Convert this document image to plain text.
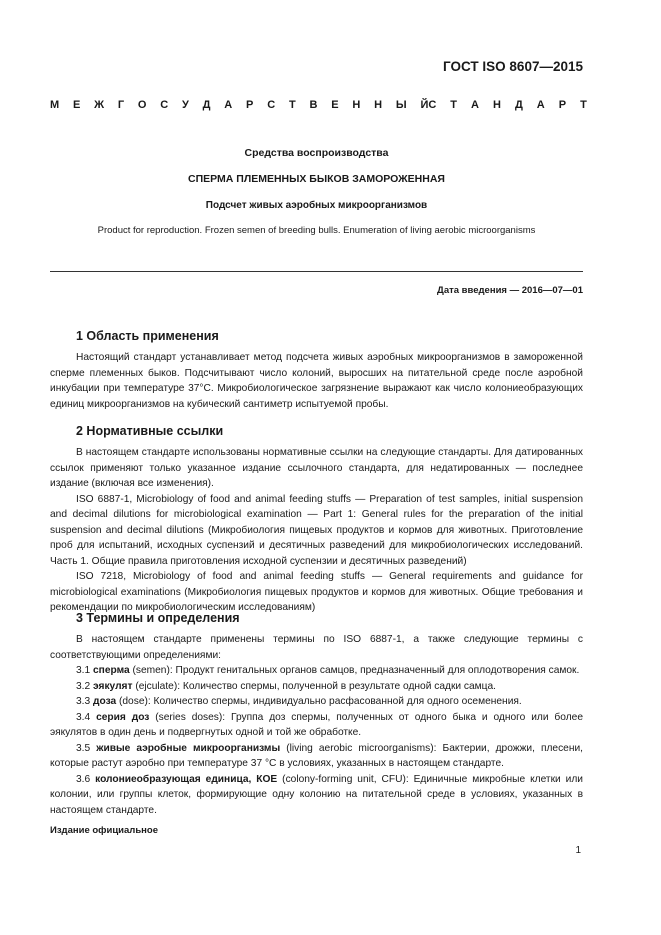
ГОСТ ISO 8607—2015
М Е Ж Г О С У Д А Р С Т В Е Н Н Ы Й С Т А Н Д А Р Т
Средства воспроизводства
СПЕРМА ПЛЕМЕННЫХ БЫКОВ ЗАМОРОЖЕННАЯ
Подсчет живых аэробных микроорганизмов
Product for reproduction. Frozen semen of breeding bulls. Enumeration of living aerobic microorganisms
Дата введения — 2016—07—01
1 Область применения

Настоящий стандарт устанавливает метод подсчета живых аэробных микроорганизмов в замороженной сперме племенных быков. Подсчитывают число колоний, выросших на питательной среде после аэробной инкубации при температуре 37°С. Микробиологическое загрязнение выражают как число колониеобразующих единиц микроорганизмов на кубический сантиметр испытуемой пробы.

2 Нормативные ссылки

В настоящем стандарте использованы нормативные ссылки на следующие стандарты. Для датированных ссылок применяют только указанное издание ссылочного стандарта, для недатированных — последнее издание (включая все изменения).

ISO 6887-1, Microbiology of food and animal feeding stuffs — Preparation of test samples, initial suspension and decimal dilutions for microbiological examination — Part 1: General rules for the preparation of the initial suspension and decimal dilutions (Микробиология пищевых продуктов и кормов для животных. Приготовление проб для испытаний, исходных суспензий и десятичных разведений для микробиологических исследований. Часть 1. Общие правила приготовления исходной суспензии и десятичных разведений)

ISO 7218, Microbiology of food and animal feeding stuffs — General requirements and guidance for microbiological examinations (Микробиология пищевых продуктов и кормов для животных. Общие требования и рекомендации по микробиологическим исследованиям)

3 Термины и определения

В настоящем стандарте применены термины по ISO 6887-1, а также следующие термины с соответствующими определениями:

3.1 сперма (semen): Продукт генитальных органов самцов, предназначенный для оплодотворения самок.

3.2 эякулят (ejculate): Количество спермы, полученной в результате одной садки самца.

3.3 доза (dose): Количество спермы, индивидуально расфасованной для одного осеменения.

3.4 серия доз (series doses): Группа доз спермы, полученных от одного быка и одного или более эякулятов в один день и подвергнутых одной и той же обработке.

3.5 живые аэробные микроорганизмы (living aerobic microorganisms): Бактерии, дрожжи, плесени, которые растут аэробно при температуре 37 °С в условиях, указанных в настоящем стандарте.

3.6 колониеобразующая единица, КОЕ (colony-forming unit, CFU): Единичные микробные клетки или колонии, или группы клеток, формирующие одну колонию на питательной среде в условиях, указанных в настоящем стандарте.

Издание официальное
1
